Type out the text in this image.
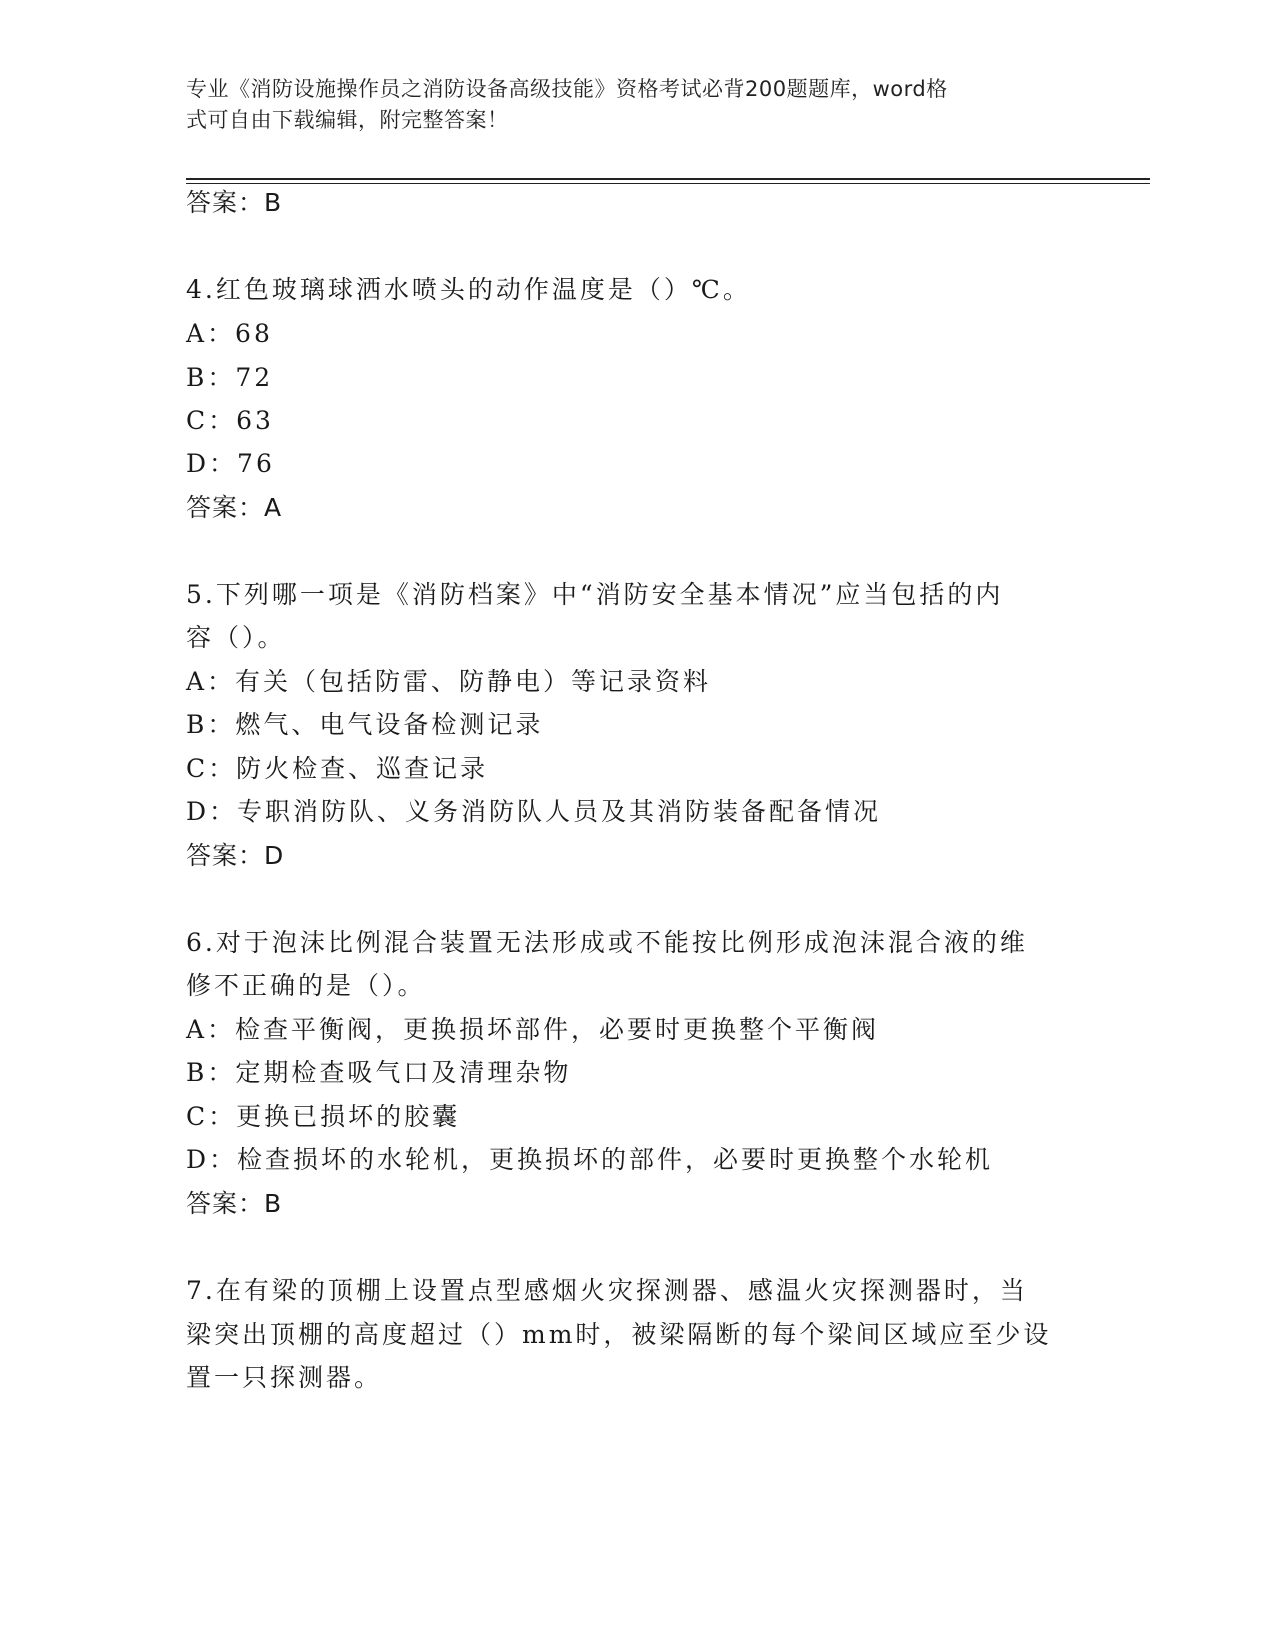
专业《消防设施操作员之消防设备高级技能》资格考试必背200题题库，word格
式可自由下载编辑，附完整答案！
答案：B
4.红色玻璃球洒水喷头的动作温度是（）℃。
A：68
B：72
C：63
D：76
答案：A
5.下列哪一项是《消防档案》中“消防安全基本情况”应当包括的内
容（）。
A：有关（包括防雷、防静电）等记录资料
B：燃气、电气设备检测记录
C：防火检查、巡查记录
D：专职消防队、义务消防队人员及其消防装备配备情况
答案：D
6.对于泡沫比例混合装置无法形成或不能按比例形成泡沫混合液的维
修不正确的是（）。
A：检查平衡阀，更换损坏部件，必要时更换整个平衡阀
B：定期检查吸气口及清理杂物
C：更换已损坏的胶囊
D：检查损坏的水轮机，更换损坏的部件，必要时更换整个水轮机
答案：B
7.在有梁的顶棚上设置点型感烟火灾探测器、感温火灾探测器时，当
梁突出顶棚的高度超过（）mm时，被梁隔断的每个梁间区域应至少设
置一只探测器。
